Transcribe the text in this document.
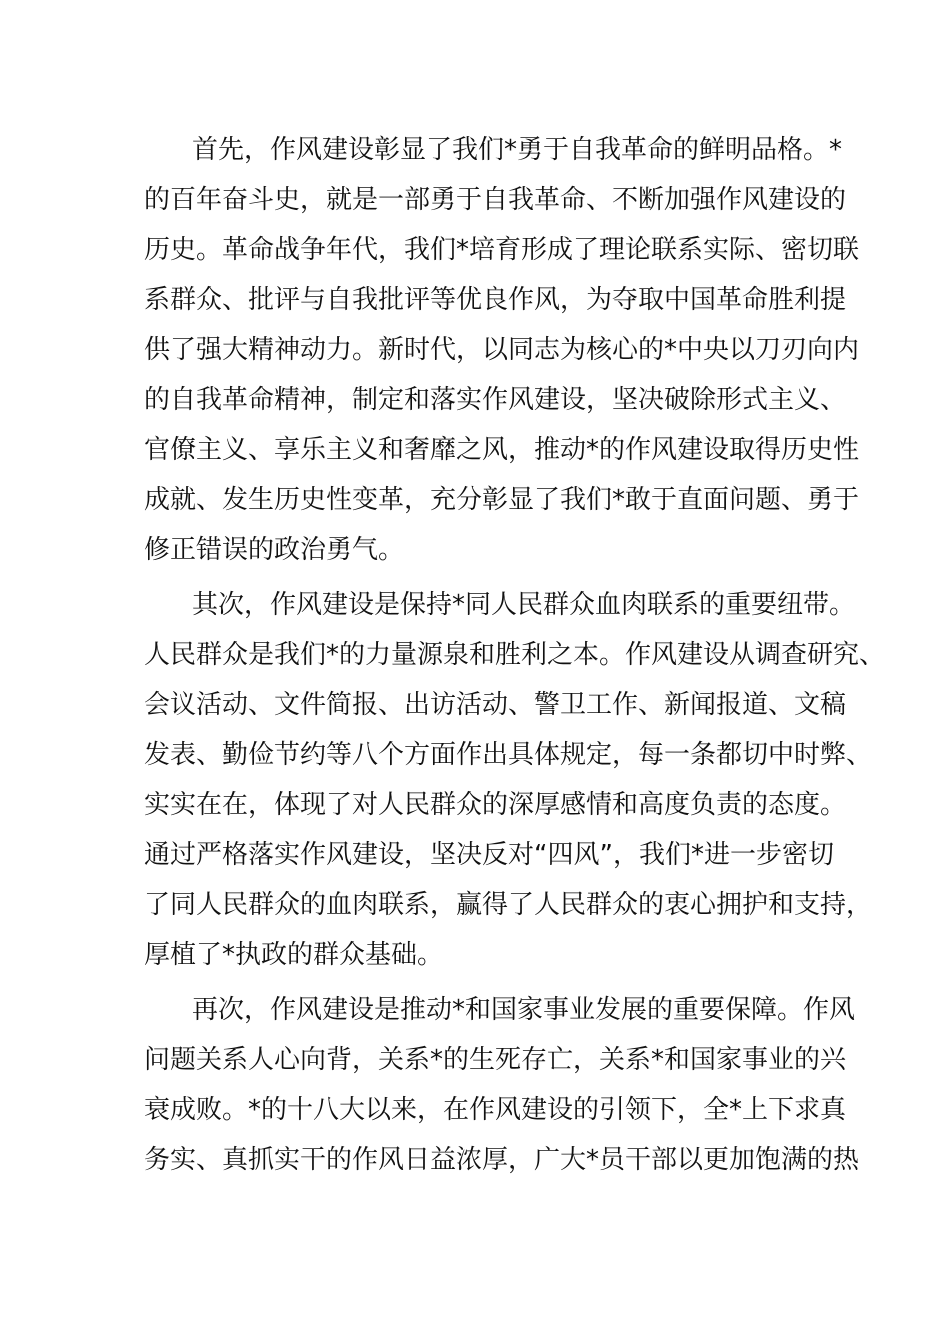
首先，作风建设彰显了我们*勇于自我革命的鲜明品格。*
的百年奋斗史，就是一部勇于自我革命、不断加强作风建设的
历史。革命战争年代，我们*培育形成了理论联系实际、密切联
系群众、批评与自我批评等优良作风，为夺取中国革命胜利提
供了强大精神动力。新时代，以同志为核心的*中央以刀刃向内
的自我革命精神，制定和落实作风建设，坚决破除形式主义、
官僚主义、享乐主义和奢靡之风，推动*的作风建设取得历史性
成就、发生历史性变革，充分彰显了我们*敢于直面问题、勇于
修正错误的政治勇气。
其次，作风建设是保持*同人民群众血肉联系的重要纽带。
人民群众是我们*的力量源泉和胜利之本。作风建设从调查研究、
会议活动、文件简报、出访活动、警卫工作、新闻报道、文稿
发表、勤俭节约等八个方面作出具体规定，每一条都切中时弊、
实实在在，体现了对人民群众的深厚感情和高度负责的态度。
通过严格落实作风建设，坚决反对“四风”，我们*进一步密切
了同人民群众的血肉联系，赢得了人民群众的衷心拥护和支持，
厚植了*执政的群众基础。
再次，作风建设是推动*和国家事业发展的重要保障。作风
问题关系人心向背，关系*的生死存亡，关系*和国家事业的兴
衰成败。*的十八大以来，在作风建设的引领下，全*上下求真
务实、真抓实干的作风日益浓厚，广大*员干部以更加饱满的热
